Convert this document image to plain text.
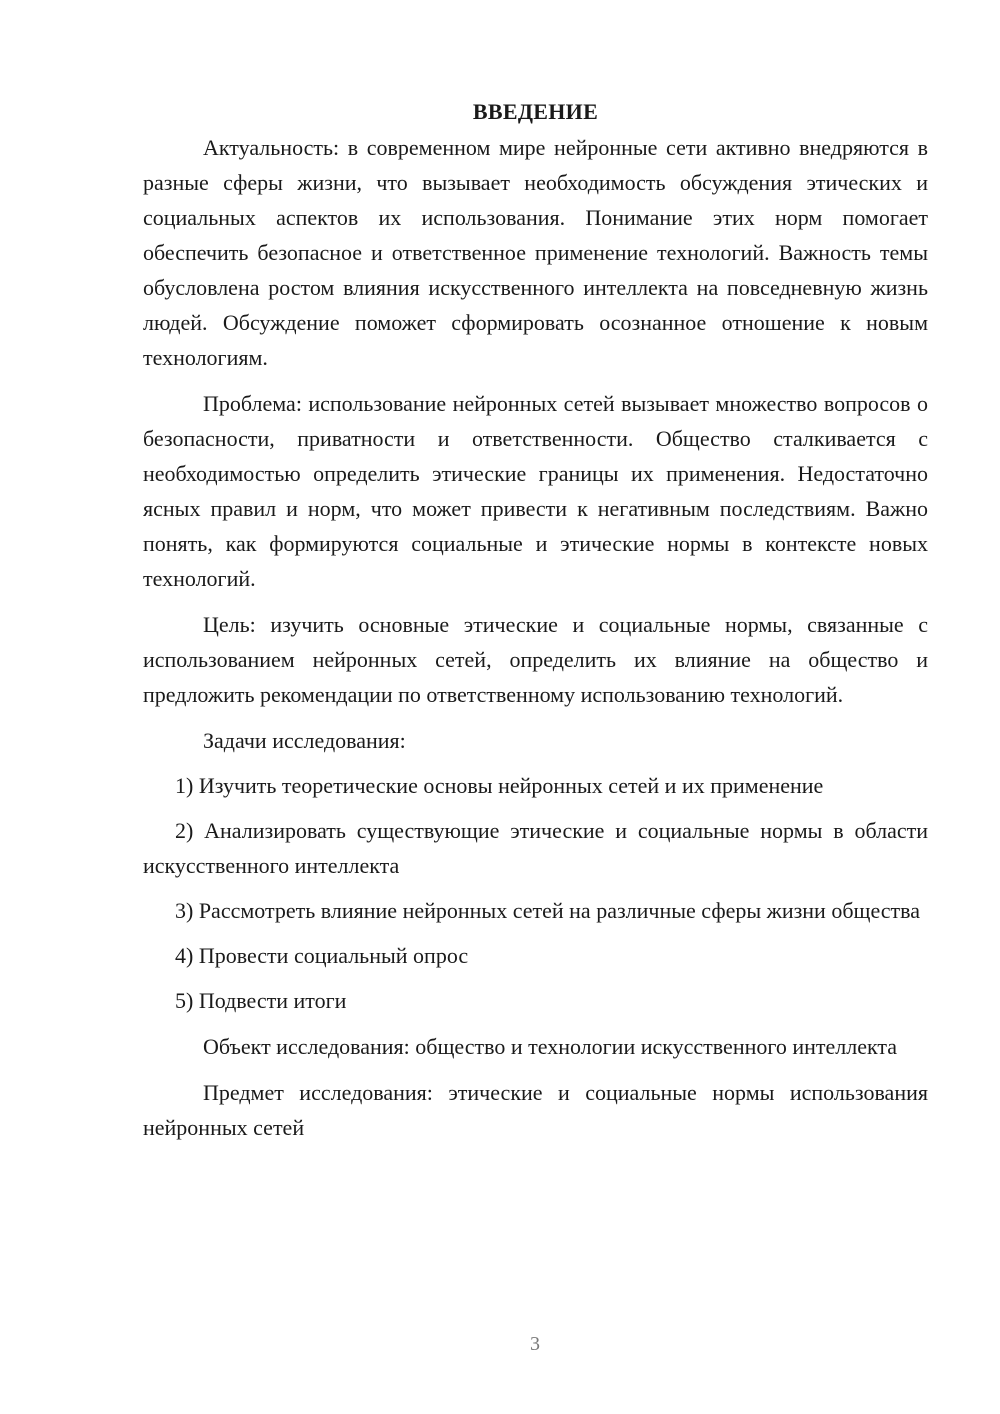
ВВЕДЕНИЕ

Актуальность: в современном мире нейронные сети активно внедряются в разные сферы жизни, что вызывает необходимость обсуждения этических и социальных аспектов их использования. Понимание этих норм помогает обеспечить безопасное и ответственное применение технологий. Важность темы обусловлена ростом влияния искусственного интеллекта на повседневную жизнь людей. Обсуждение поможет сформировать осознанное отношение к новым технологиям.

Проблема: использование нейронных сетей вызывает множество вопросов о безопасности, приватности и ответственности. Общество сталкивается с необходимостью определить этические границы их применения. Недостаточно ясных правил и норм, что может привести к негативным последствиям. Важно понять, как формируются социальные и этические нормы в контексте новых технологий.

Цель: изучить основные этические и социальные нормы, связанные с использованием нейронных сетей, определить их влияние на общество и предложить рекомендации по ответственному использованию технологий.

Задачи исследования:

1) Изучить теоретические основы нейронных сетей и их применение

2) Анализировать существующие этические и социальные нормы в области искусственного интеллекта

3) Рассмотреть влияние нейронных сетей на различные сферы жизни общества

4) Провести социальный опрос

5) Подвести итоги

Объект исследования: общество и технологии искусственного интеллекта

Предмет исследования: этические и социальные нормы использования нейронных сетей

3
